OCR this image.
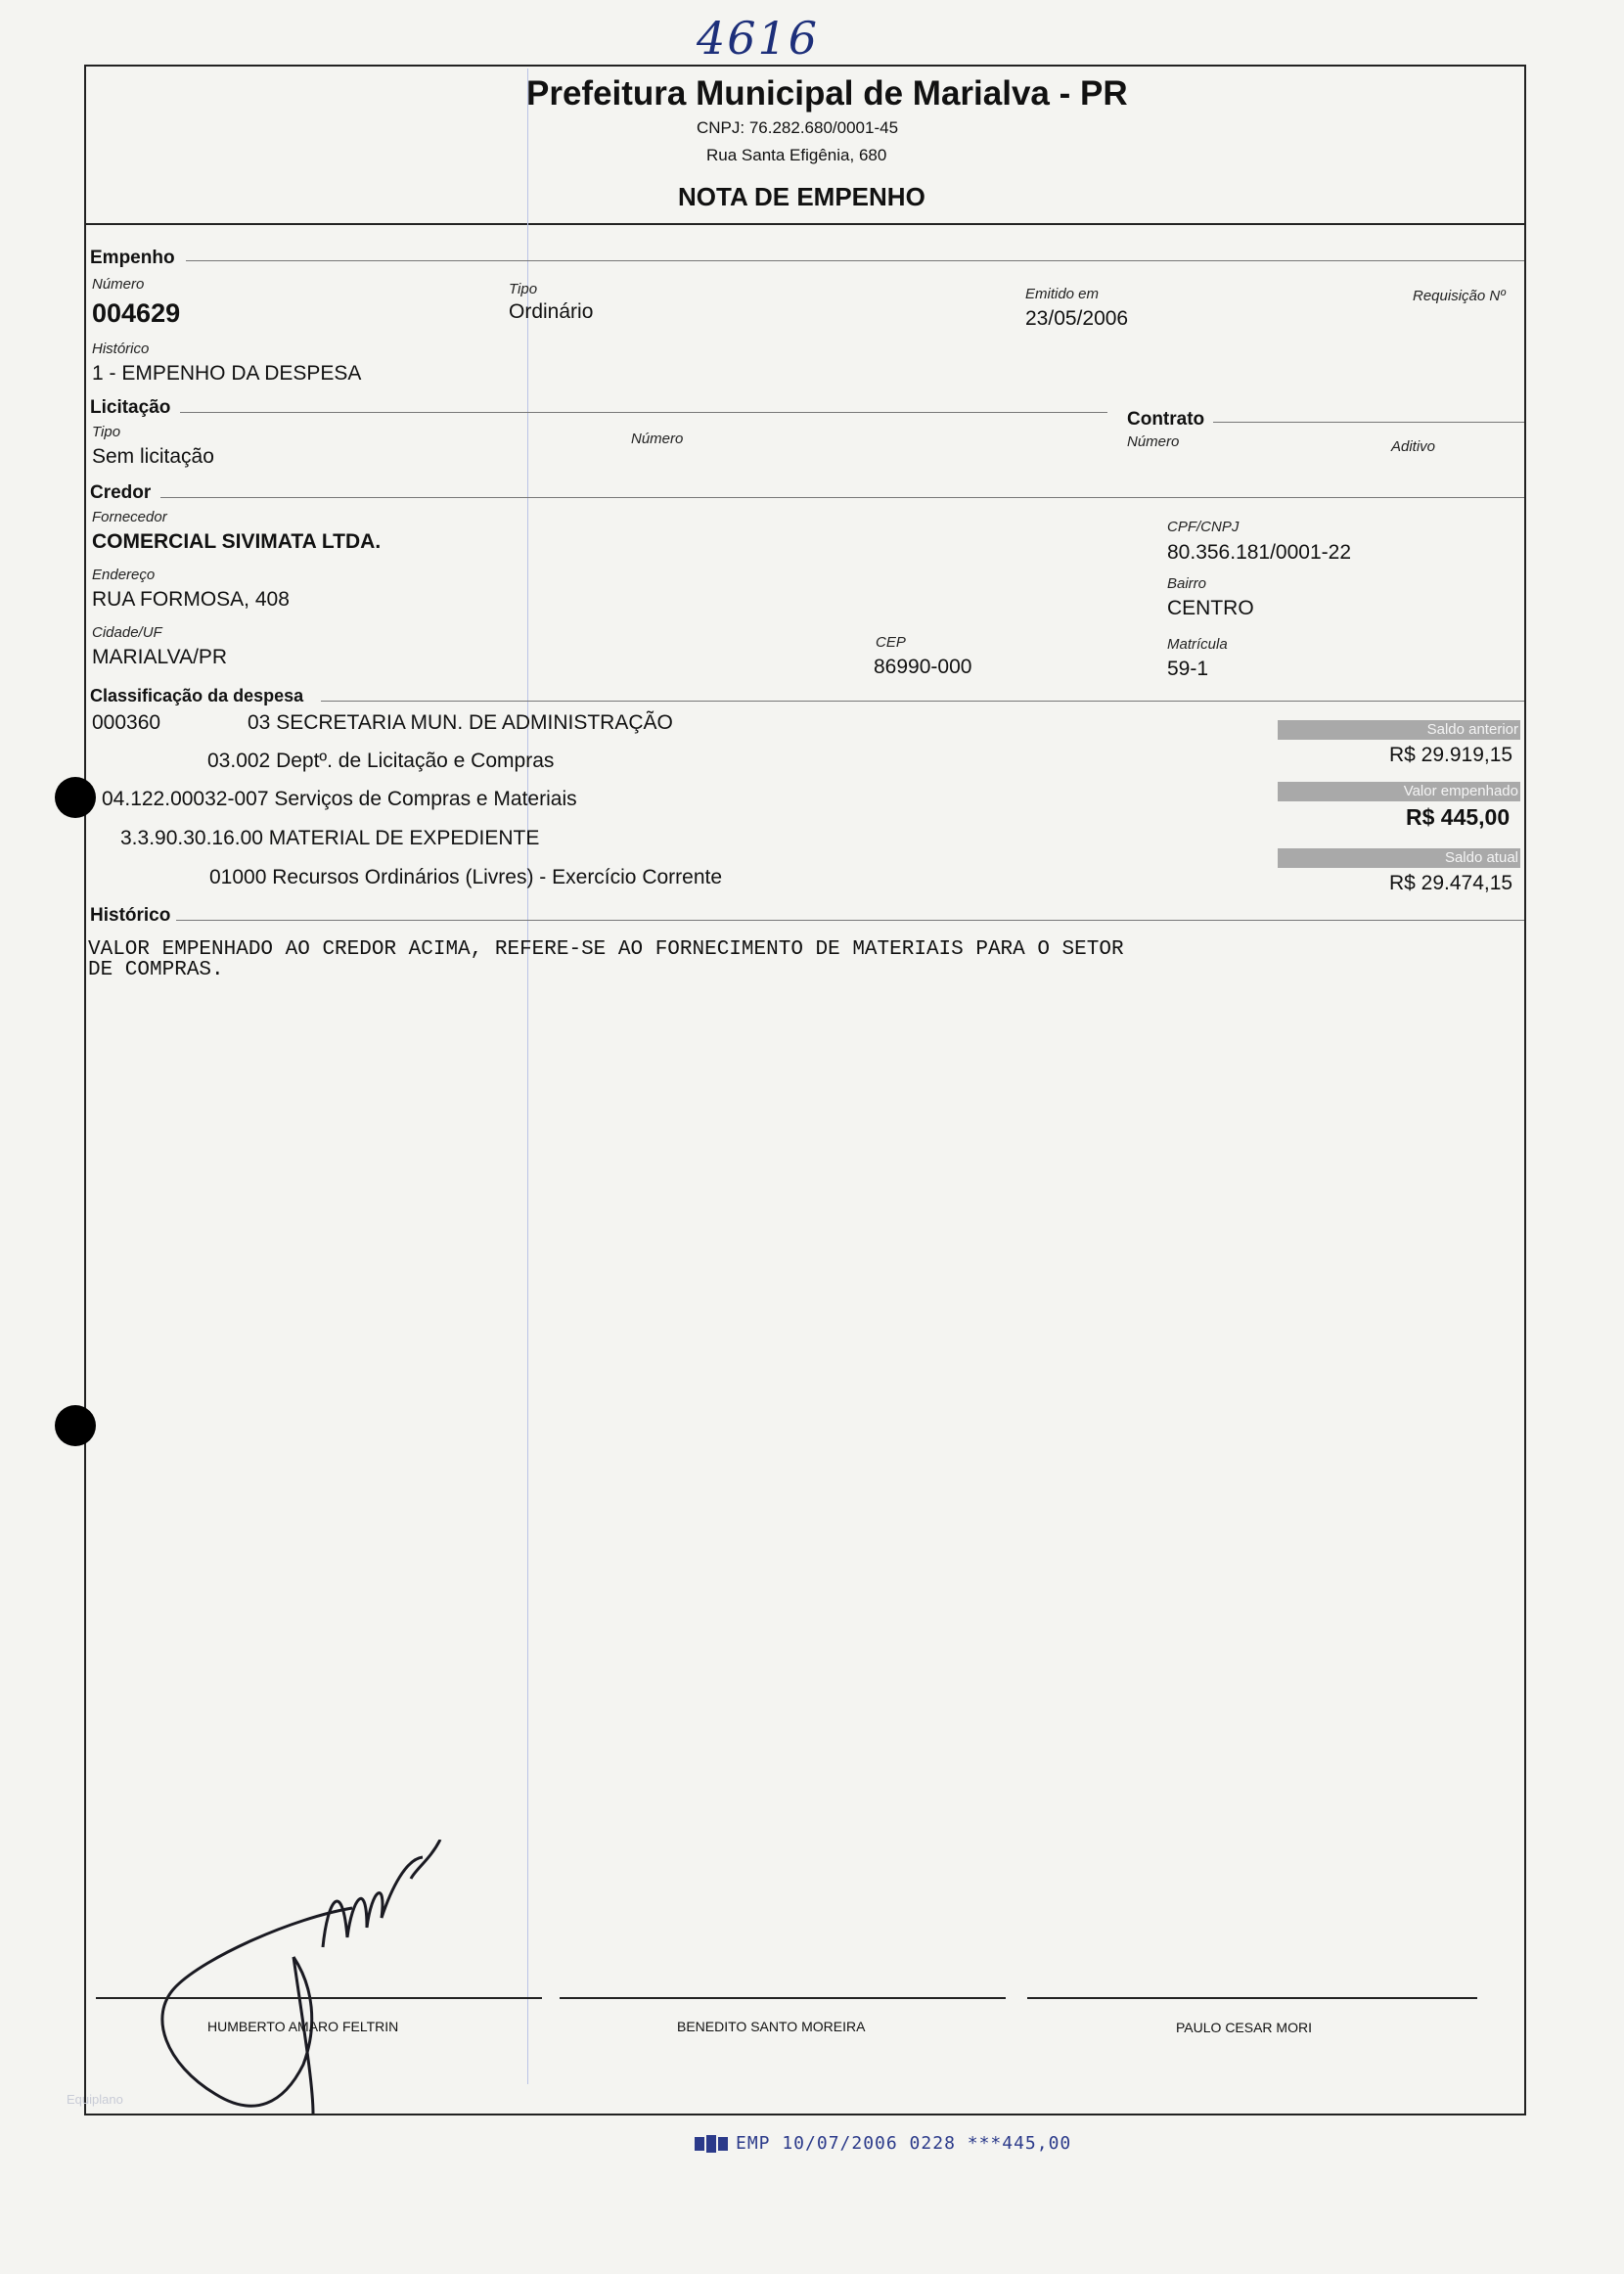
4616
Prefeitura Municipal de Marialva - PR
CNPJ: 76.282.680/0001-45
Rua Santa Efigênia, 680
NOTA DE EMPENHO
Empenho
Número
004629
Tipo
Ordinário
Emitido em
23/05/2006
Requisição Nº
Histórico
1 - EMPENHO DA DESPESA
Licitação
Tipo
Sem licitação
Número
Contrato
Número	Aditivo
Credor
Fornecedor
COMERCIAL SIVIMATA LTDA.
CPF/CNPJ
80.356.181/0001-22
Endereço
RUA FORMOSA, 408
Bairro
CENTRO
Cidade/UF
MARIALVA/PR
CEP
86990-000
Matrícula
59-1
Classificação da despesa
000360	03 SECRETARIA MUN. DE ADMINISTRAÇÃO
03.002 Deptº. de Licitação e Compras
04.122.00032-007 Serviços de Compras e Materiais
3.3.90.30.16.00 MATERIAL DE EXPEDIENTE
01000 Recursos Ordinários (Livres) - Exercício Corrente
Saldo anterior
R$ 29.919,15
Valor empenhado
R$ 445,00
Saldo atual
R$ 29.474,15
Histórico
VALOR EMPENHADO AO CREDOR ACIMA, REFERE-SE AO FORNECIMENTO DE MATERIAIS PARA O SETOR
DE COMPRAS.
HUMBERTO AMARO FELTRIN	BENEDITO SANTO MOREIRA	PAULO CESAR MORI
Equiplano
EMP 10/07/2006 0228 ***445,00
